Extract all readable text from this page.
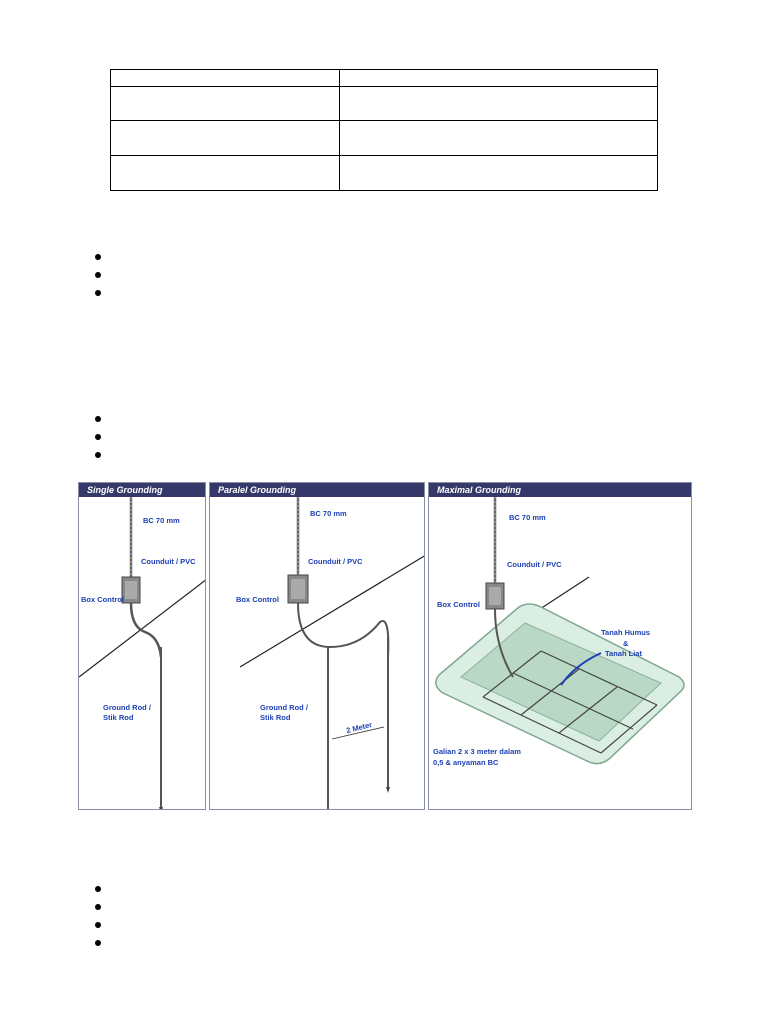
Single Grounding
BC 70 mm
Counduit / PVC
Box Control
Ground Rod /
Stik Rod
Paralel Grounding
BC 70 mm
Counduit / PVC
Box Control
Ground Rod /
Stik Rod
2 Meter
Maximal Grounding
BC 70 mm
Counduit / PVC
Box Control
Tanah Humus
&
Tanah Liat
Galian 2 x 3 meter dalam
0,5 & anyaman BC
